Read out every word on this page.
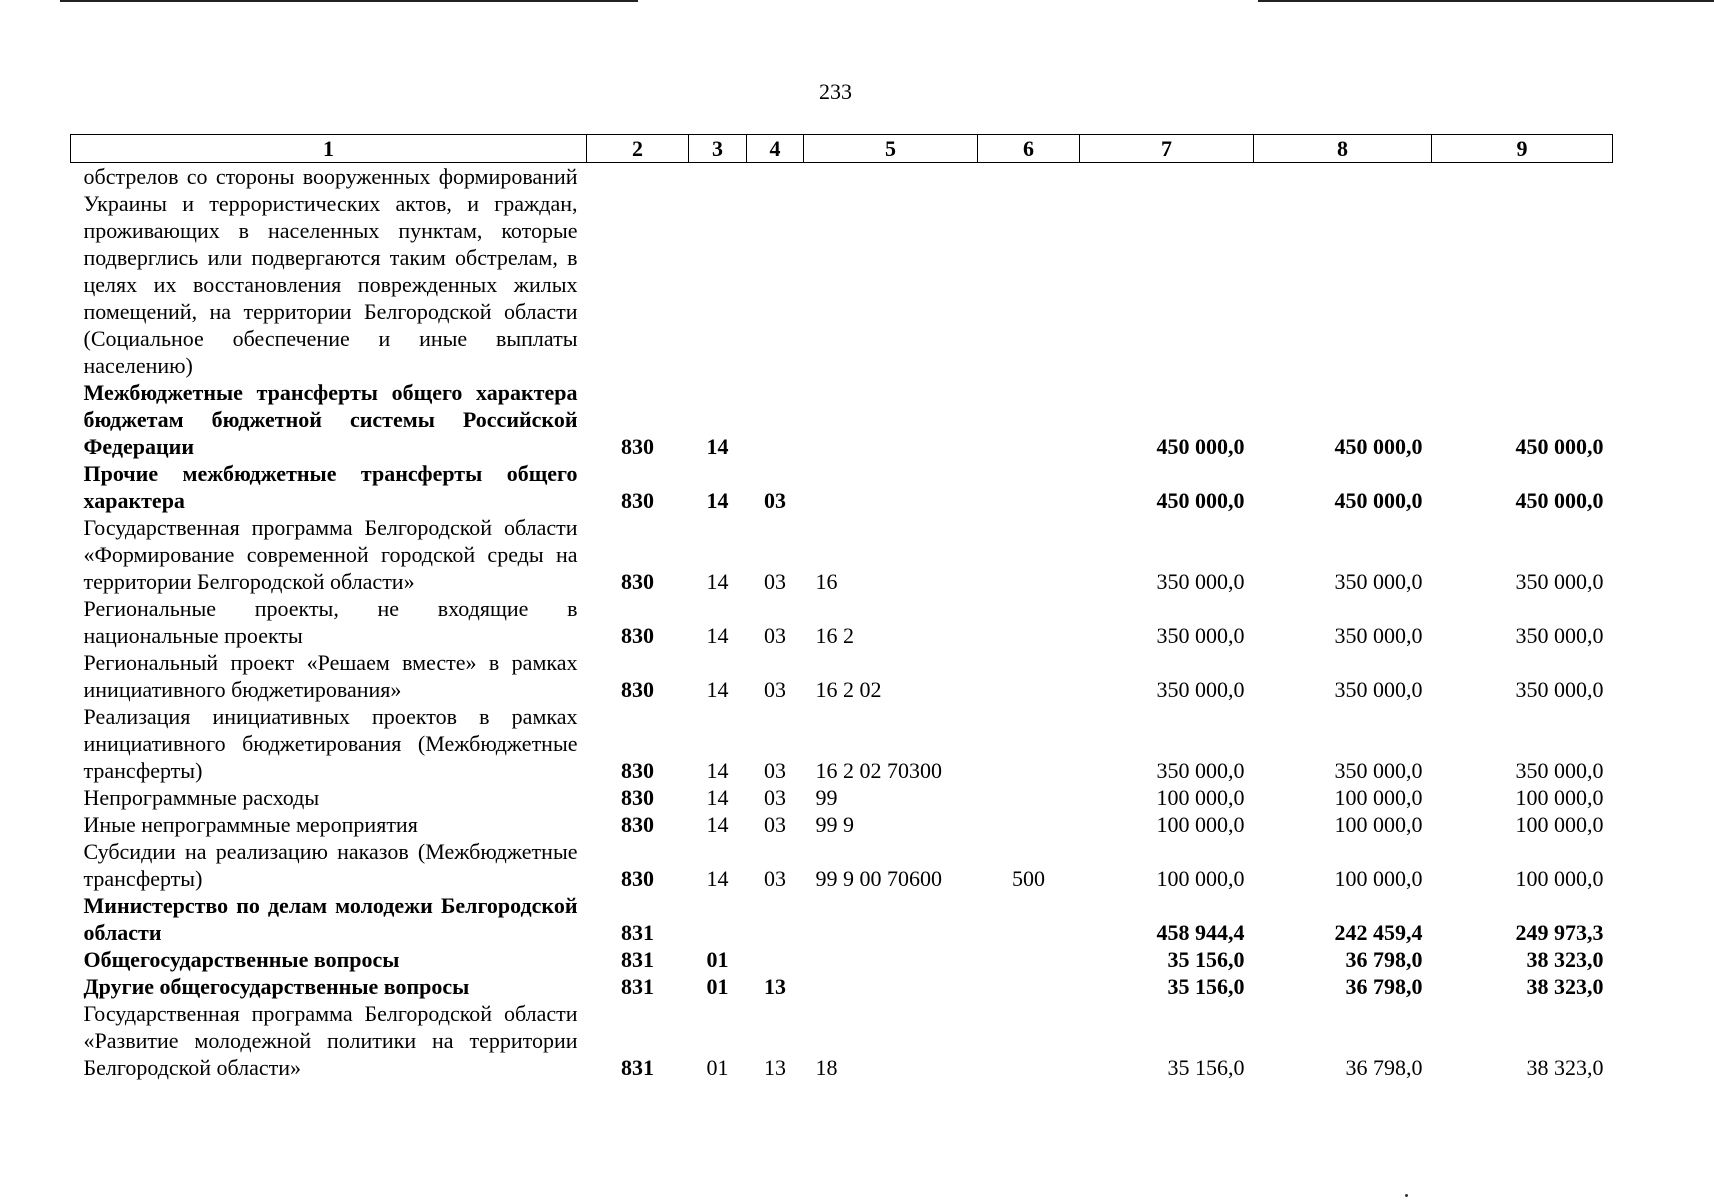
233
1	2	3	4	5	6	7	8	9
обстрелов со стороны вооруженных формирований Украины и террористических актов, и граждан, проживающих в населенных пунктам, которые подверглись или подвергаются таким обстрелам, в целях их восстановления поврежденных жилых помещений, на территории Белгородской области (Социальное обеспечение и иные выплаты населению)								
Межбюджетные трансферты общего характера бюджетам бюджетной системы Российской Федерации	830	14				450 000,0	450 000,0	450 000,0
Прочие межбюджетные трансферты общего характера	830	14	03			450 000,0	450 000,0	450 000,0
Государственная программа Белгородской области «Формирование современной городской среды на территории Белгородской области»	830	14	03	16		350 000,0	350 000,0	350 000,0
Региональные проекты, не входящие в национальные проекты	830	14	03	16 2		350 000,0	350 000,0	350 000,0
Региональный проект «Решаем вместе» в рамках инициативного бюджетирования»	830	14	03	16 2 02		350 000,0	350 000,0	350 000,0
Реализация инициативных проектов в рамках инициативного бюджетирования (Межбюджетные трансферты)	830	14	03	16 2 02 70300		350 000,0	350 000,0	350 000,0
Непрограммные расходы	830	14	03	99		100 000,0	100 000,0	100 000,0
Иные непрограммные мероприятия	830	14	03	99 9		100 000,0	100 000,0	100 000,0
Субсидии на реализацию наказов (Межбюджетные трансферты)	830	14	03	99 9 00 70600	500	100 000,0	100 000,0	100 000,0
Министерство по делам молодежи Белгородской области	831					458 944,4	242 459,4	249 973,3
Общегосударственные вопросы	831	01				35 156,0	36 798,0	38 323,0
Другие общегосударственные вопросы	831	01	13			35 156,0	36 798,0	38 323,0
Государственная программа Белгородской области «Развитие молодежной политики на территории Белгородской области»	831	01	13	18		35 156,0	36 798,0	38 323,0
